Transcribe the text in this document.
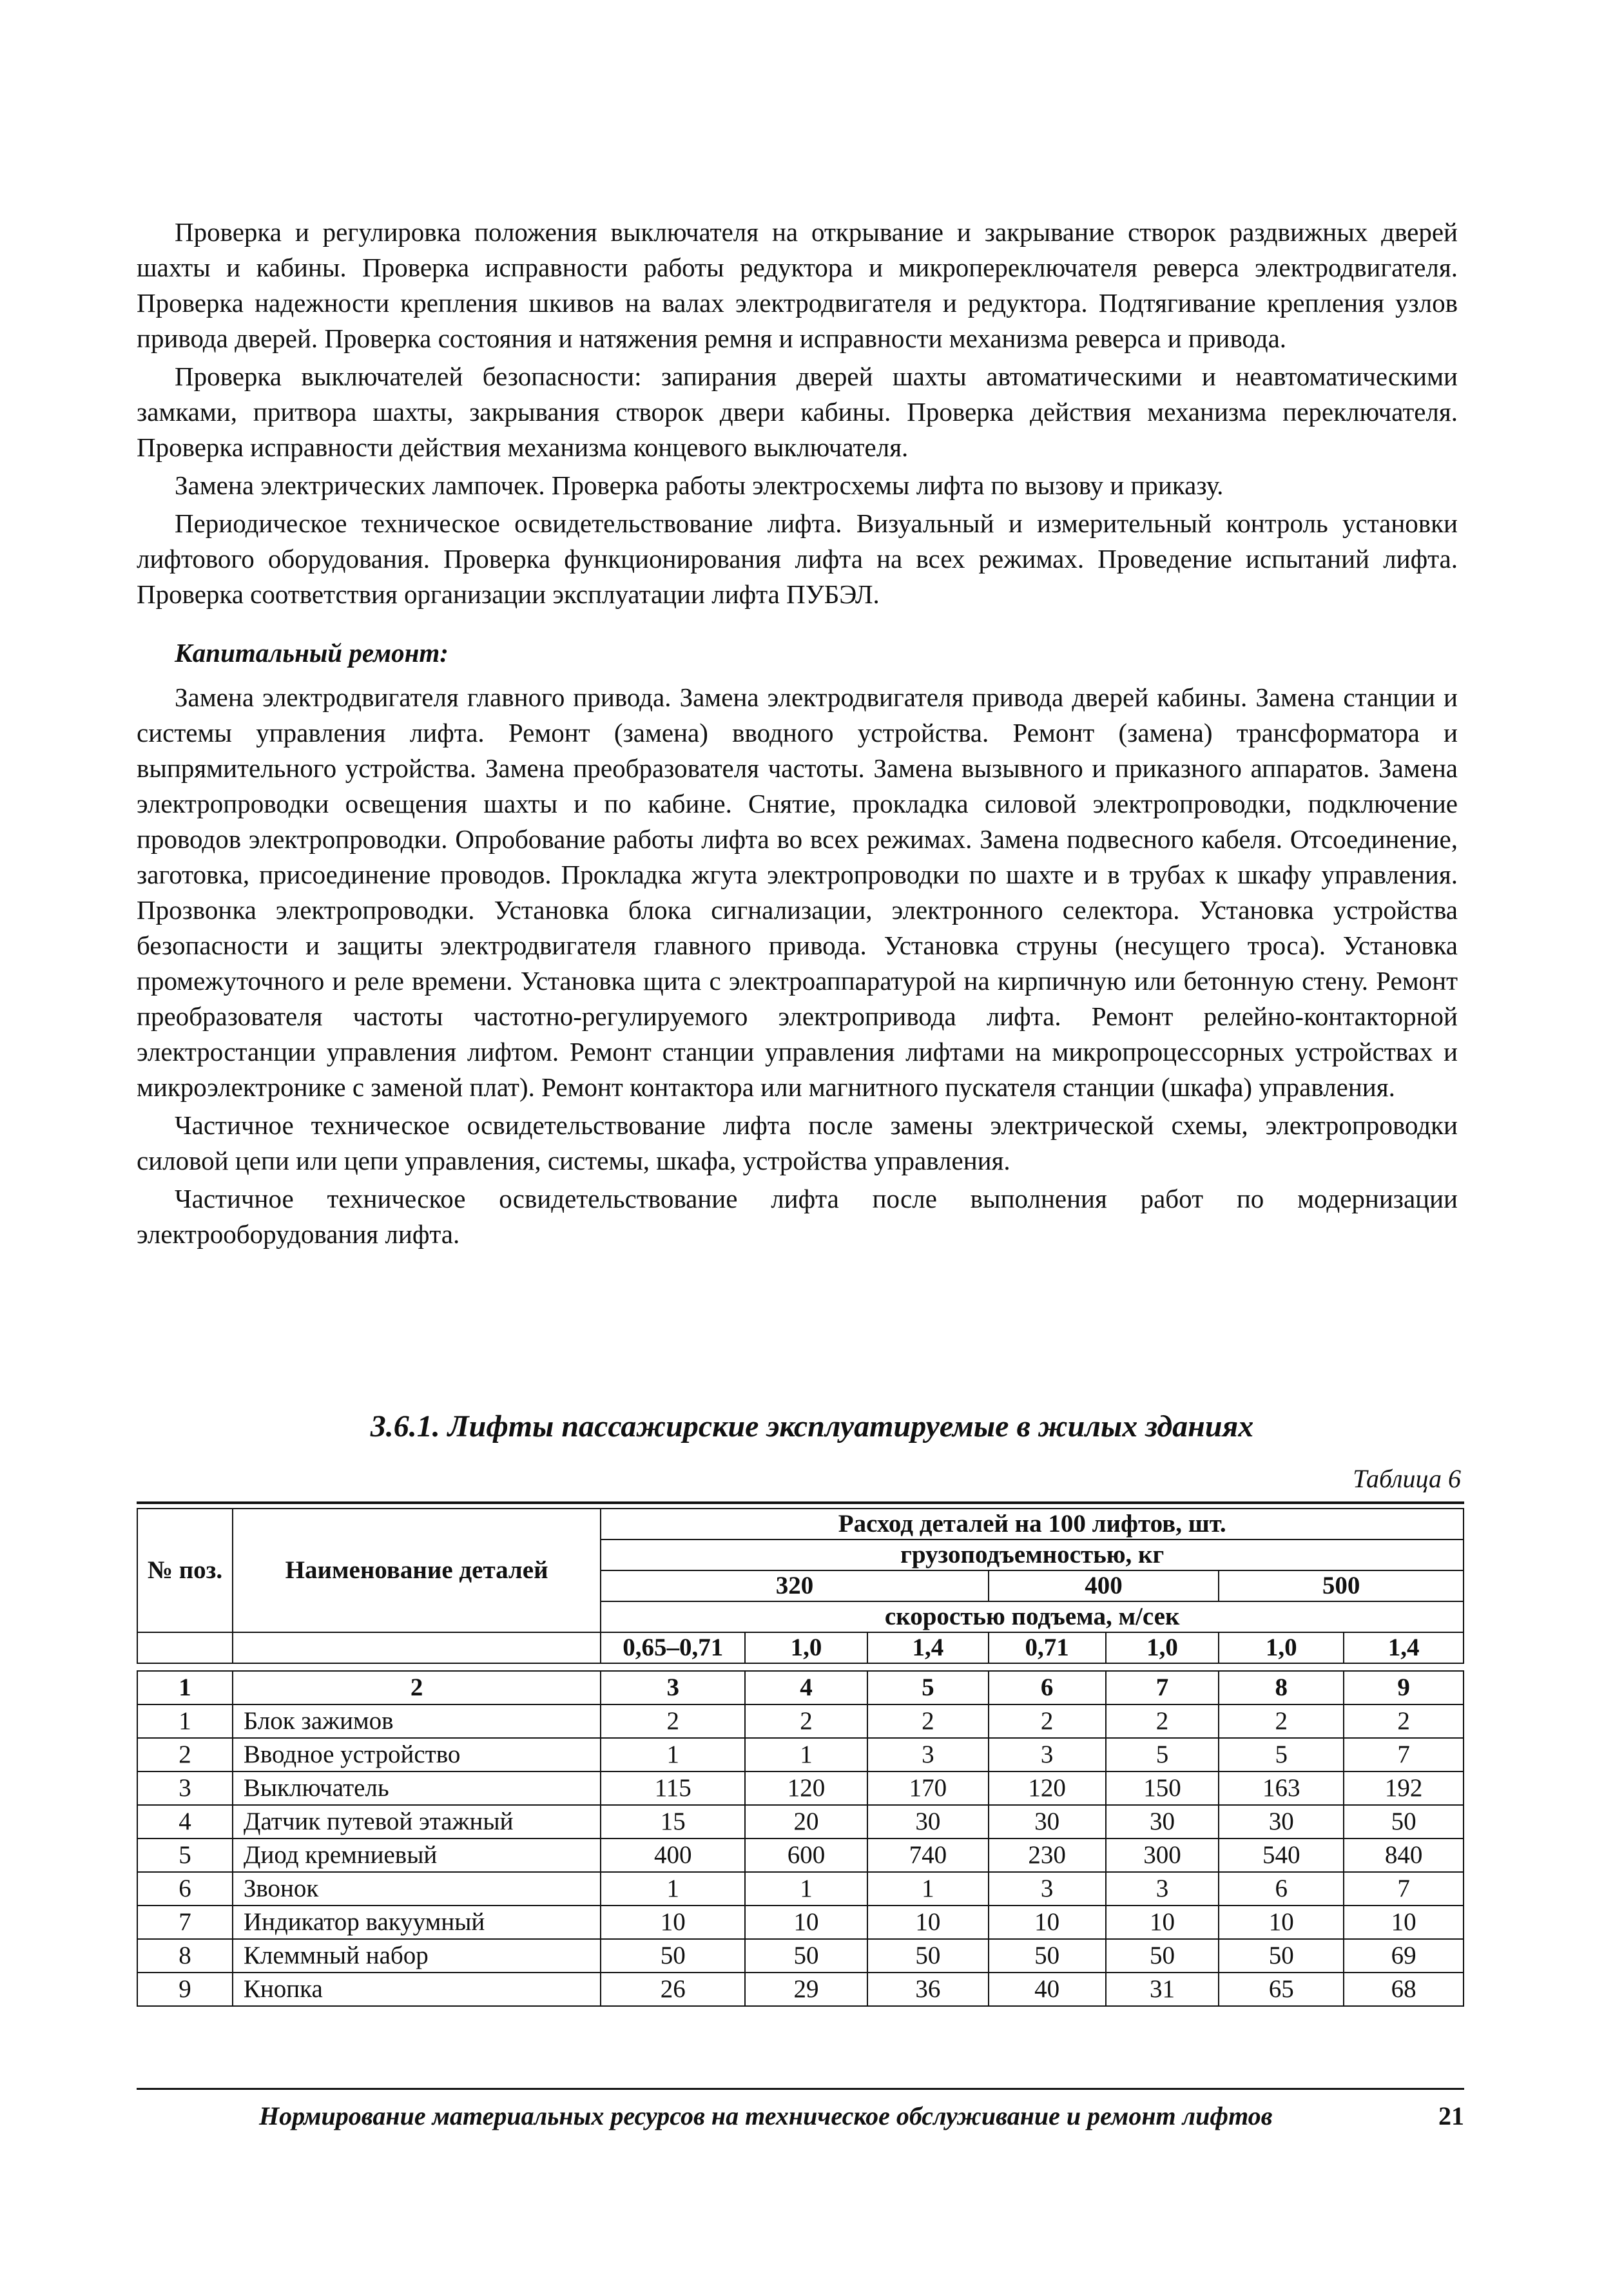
Проверка и регулировка положения выключателя на открывание и закрывание створок раздвижных дверей шахты и кабины. Проверка исправности работы редуктора и микропереключателя реверса электродвигателя. Проверка надежности крепления шкивов на валах электродвигателя и редуктора. Подтягивание крепления узлов привода дверей. Проверка состояния и натяжения ремня и исправности механизма реверса и привода.

Проверка выключателей безопасности: запирания дверей шахты автоматическими и неавтоматическими замками, притвора шахты, закрывания створок двери кабины. Проверка действия механизма переключателя. Проверка исправности действия механизма концевого выключателя.

Замена электрических лампочек. Проверка работы электросхемы лифта по вызову и приказу.

Периодическое техническое освидетельствование лифта. Визуальный и измерительный контроль установки лифтового оборудования. Проверка функционирования лифта на всех режимах. Проведение испытаний лифта. Проверка соответствия организации эксплуатации лифта ПУБЭЛ.

Капитальный ремонт:

Замена электродвигателя главного привода. Замена электродвигателя привода дверей кабины. Замена станции и системы управления лифта. Ремонт (замена) вводного устройства. Ремонт (замена) трансформатора и выпрямительного устройства. Замена преобразователя частоты. Замена вызывного и приказного аппаратов. Замена электропроводки освещения шахты и по кабине. Снятие, прокладка силовой электропроводки, подключение проводов электропроводки. Опробование работы лифта во всех режимах. Замена подвесного кабеля. Отсоединение, заготовка, присоединение проводов. Прокладка жгута электропроводки по шахте и в трубах к шкафу управления. Прозвонка электропроводки. Установка блока сигнализации, электронного селектора. Установка устройства безопасности и защиты электродвигателя главного привода. Установка струны (несущего троса). Установка промежуточного и реле времени. Установка щита с электроаппаратурой на кирпичную или бетонную стену. Ремонт преобразователя частоты частотно-регулируемого электропривода лифта. Ремонт релейно-контакторной электростанции управления лифтом. Ремонт станции управления лифтами на микропроцессорных устройствах и микроэлектронике с заменой плат). Ремонт контактора или магнитного пускателя станции (шкафа) управления.

Частичное техническое освидетельствование лифта после замены электрической схемы, электропроводки силовой цепи или цепи управления, системы, шкафа, устройства управления.

Частичное техническое освидетельствование лифта после выполнения работ по модернизации электрооборудования лифта.

3.6.1. Лифты пассажирские эксплуатируемые в жилых зданиях
Таблица 6
№ поз.	Наименование деталей	Расход деталей на 100 лифтов, шт.						
		грузоподъемностью, кг						
		320			400		500	
		скоростью подъема, м/сек						
		0,65–0,71	1,0	1,4	0,71	1,0	1,0	1,4

1	2	3	4	5	6	7	8	9
1	Блок зажимов	2	2	2	2	2	2	2
2	Вводное устройство	1	1	3	3	5	5	7
3	Выключатель	115	120	170	120	150	163	192
4	Датчик путевой этажный	15	20	30	30	30	30	50
5	Диод кремниевый	400	600	740	230	300	540	840
6	Звонок	1	1	1	3	3	6	7
7	Индикатор вакуумный	10	10	10	10	10	10	10
8	Клеммный набор	50	50	50	50	50	50	69
9	Кнопка	26	29	36	40	31	65	68
Нормирование материальных ресурсов на техническое обслуживание и ремонт лифтов	21
